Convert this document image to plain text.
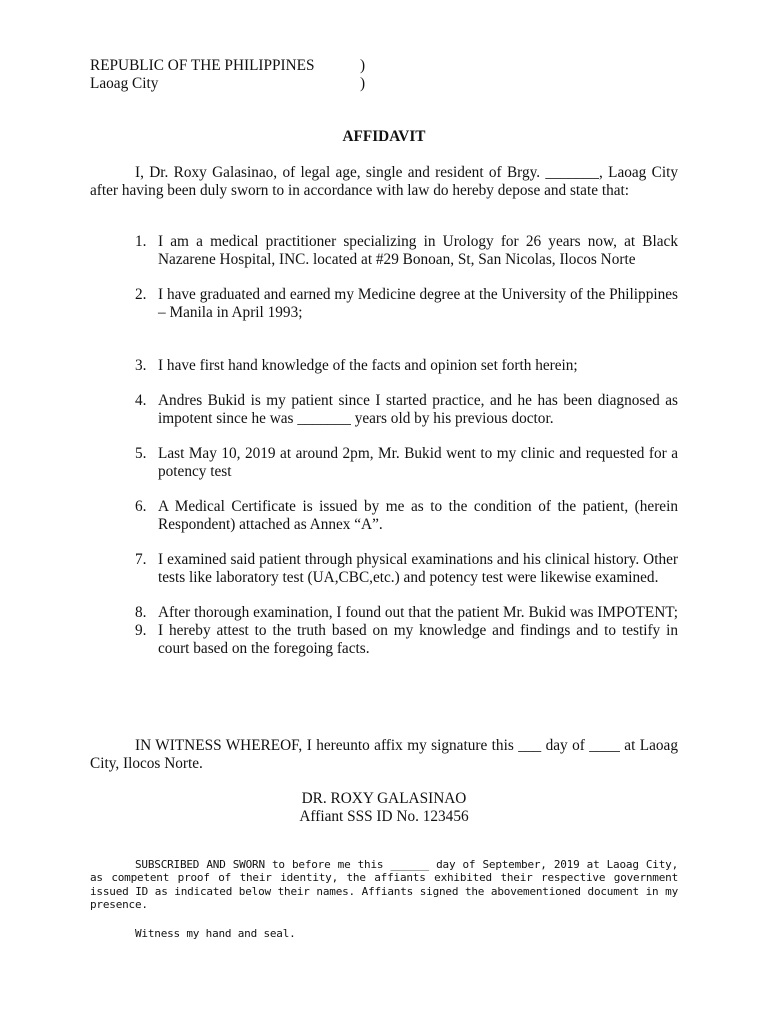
REPUBLIC OF THE PHILIPPINES	)
Laoag City	)
AFFIDAVIT

I, Dr. Roxy Galasinao, of legal age, single and resident of Brgy. _______, Laoag City after having been duly sworn to in accordance with law do hereby depose and state that:

1. I am a medical practitioner specializing in Urology for 26 years now, at Black Nazarene Hospital, INC. located at #29 Bonoan, St, San Nicolas, Ilocos Norte
2. I have graduated and earned my Medicine degree at the University of the Philippines – Manila in April 1993;
3. I have first hand knowledge of the facts and opinion set forth herein;
4. Andres Bukid is my patient since I started practice, and he has been diagnosed as impotent since he was _______ years old by his previous doctor.
5. Last May 10, 2019 at around 2pm, Mr. Bukid went to my clinic and requested for a potency test
6. A Medical Certificate is issued by me as to the condition of the patient, (herein Respondent) attached as Annex “A”.
7. I examined said patient through physical examinations and his clinical history. Other tests like laboratory test (UA,CBC,etc.) and potency test were likewise examined.
8. After thorough examination, I found out that the patient Mr. Bukid was IMPOTENT;
9. I hereby attest to the truth based on my knowledge and findings and to testify in court based on the foregoing facts.

IN WITNESS WHEREOF, I hereunto affix my signature this ___ day of ____ at Laoag City, Ilocos Norte.

DR. ROXY GALASINAO
Affiant SSS ID No. 123456

SUBSCRIBED AND SWORN to before me this ______ day of September, 2019 at Laoag City, as competent proof of their identity, the affiants exhibited their respective government issued ID as indicated below their names. Affiants signed the abovementioned document in my presence.

Witness my hand and seal.
